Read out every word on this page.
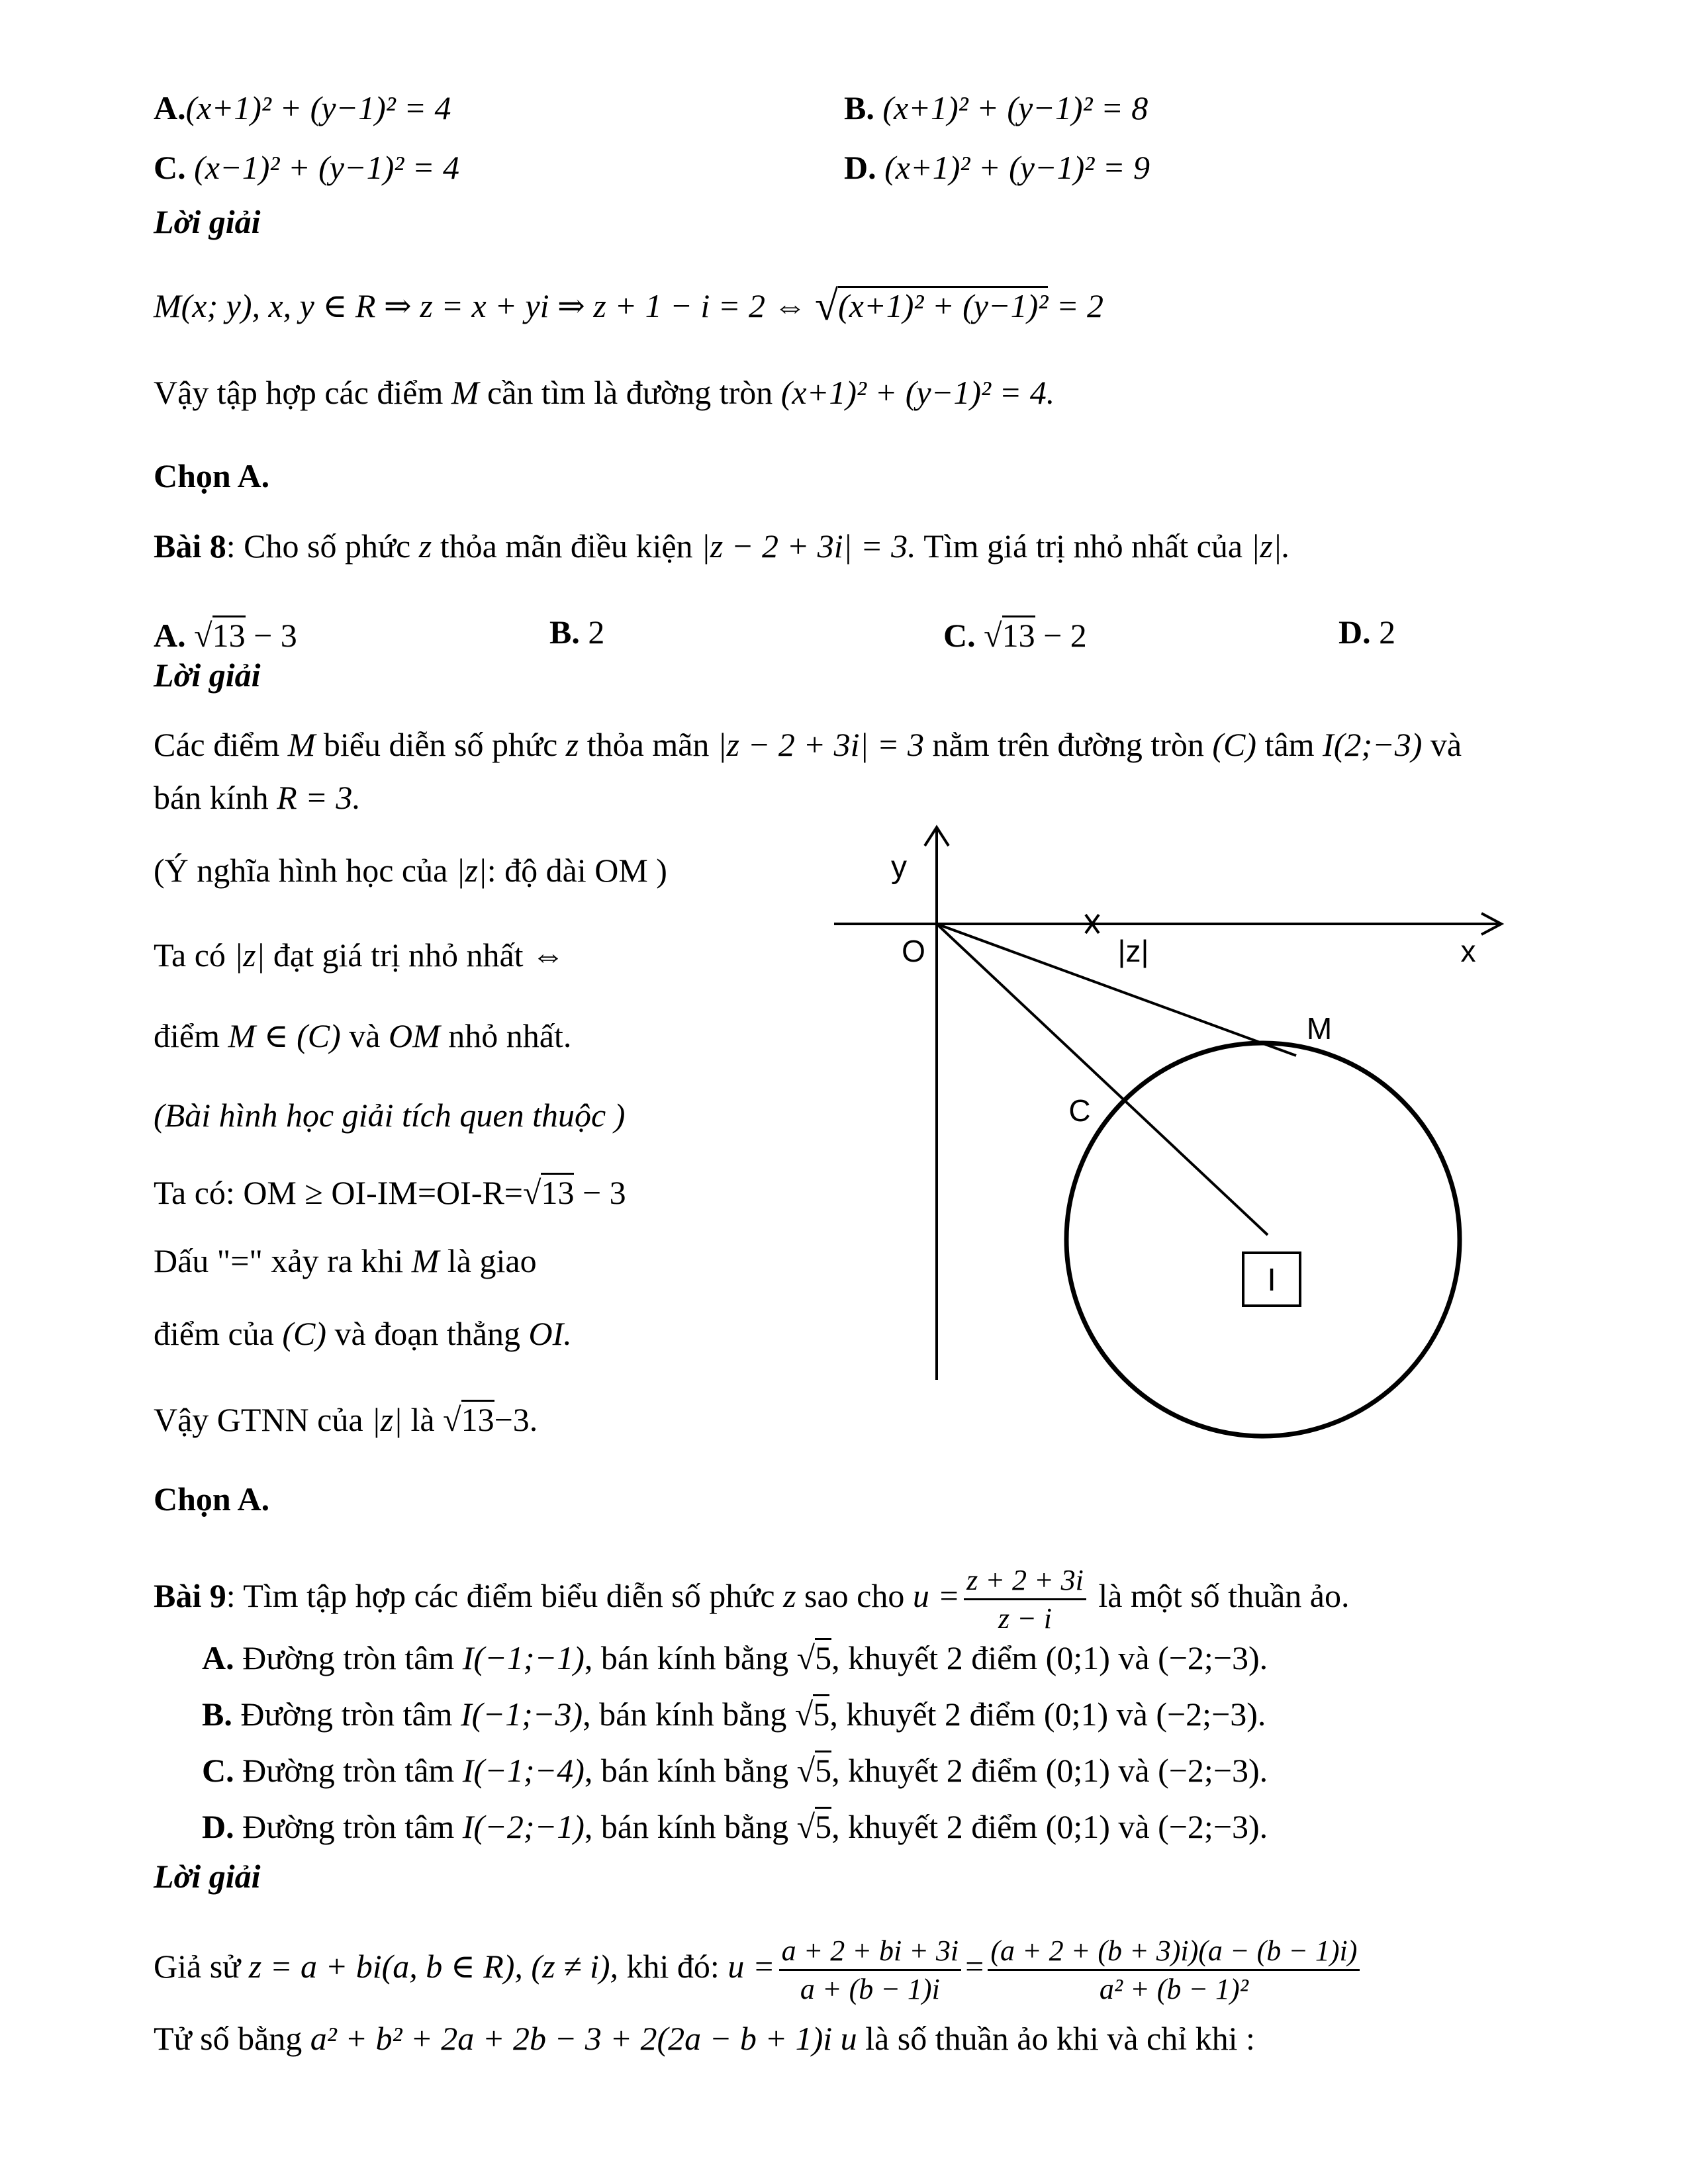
A.(x+1)² + (y−1)² = 4	B. (x+1)² + (y−1)² = 8
C. (x−1)² + (y−1)² = 4	D. (x+1)² + (y−1)² = 9
Lời giải
M(x; y), x, y ∈ R ⇒ z = x + yi ⇒ z + 1 − i = 2 ⇔ √(x+1)² + (y−1)² = 2
Vậy tập hợp các điểm M cần tìm là đường tròn (x+1)² + (y−1)² = 4.
Chọn A.
Bài 8: Cho số phức z thỏa mãn điều kiện |z − 2 + 3i| = 3. Tìm giá trị nhỏ nhất của |z|.
A. √13 − 3	B. 2	C. √13 − 2	D. 2
Lời giải
Các điểm M biểu diễn số phức z thỏa mãn |z − 2 + 3i| = 3 nằm trên đường tròn (C) tâm I(2;−3) và
bán kính R = 3.
(Ý nghĩa hình học của |z|: độ dài OM )
Ta có |z| đạt giá trị nhỏ nhất ⇔
điểm M ∈ (C) và OM nhỏ nhất.
(Bài hình học giải tích quen thuộc )
Ta có: OM ≥ OI-IM=OI-R=√13 − 3
Dấu "=" xảy ra khi M là giao
điểm của (C) và đoạn thẳng OI.
Vậy GTNN của |z| là √13−3.
Chọn A.
I
y
O	x
|z|
M
C
Bài 9: Tìm tập hợp các điểm biểu diễn số phức z sao cho $u = \frac{z + 2 + 3i}{z - i}$ là một số thuần ảo.
A. Đường tròn tâm I(−1;−1), bán kính bằng √5, khuyết 2 điểm (0;1) và (−2;−3).
B. Đường tròn tâm I(−1;−3), bán kính bằng √5, khuyết 2 điểm (0;1) và (−2;−3).
C. Đường tròn tâm I(−1;−4), bán kính bằng √5, khuyết 2 điểm (0;1) và (−2;−3).
D. Đường tròn tâm I(−2;−1), bán kính bằng √5, khuyết 2 điểm (0;1) và (−2;−3).
Lời giải
Giả sử z = a + bi(a, b ∈ R), (z ≠ i), khi đó: $u = \frac{a + 2 + bi + 3i}{a + (b - 1)i} = \frac{(a + 2 + (b + 3)i)(a - (b - 1)i)}{\text{a² + (b − 1)²}}$
Tử số bằng a² + b² + 2a + 2b − 3 + 2(2a − b + 1)i u là số thuần ảo khi và chỉ khi :
